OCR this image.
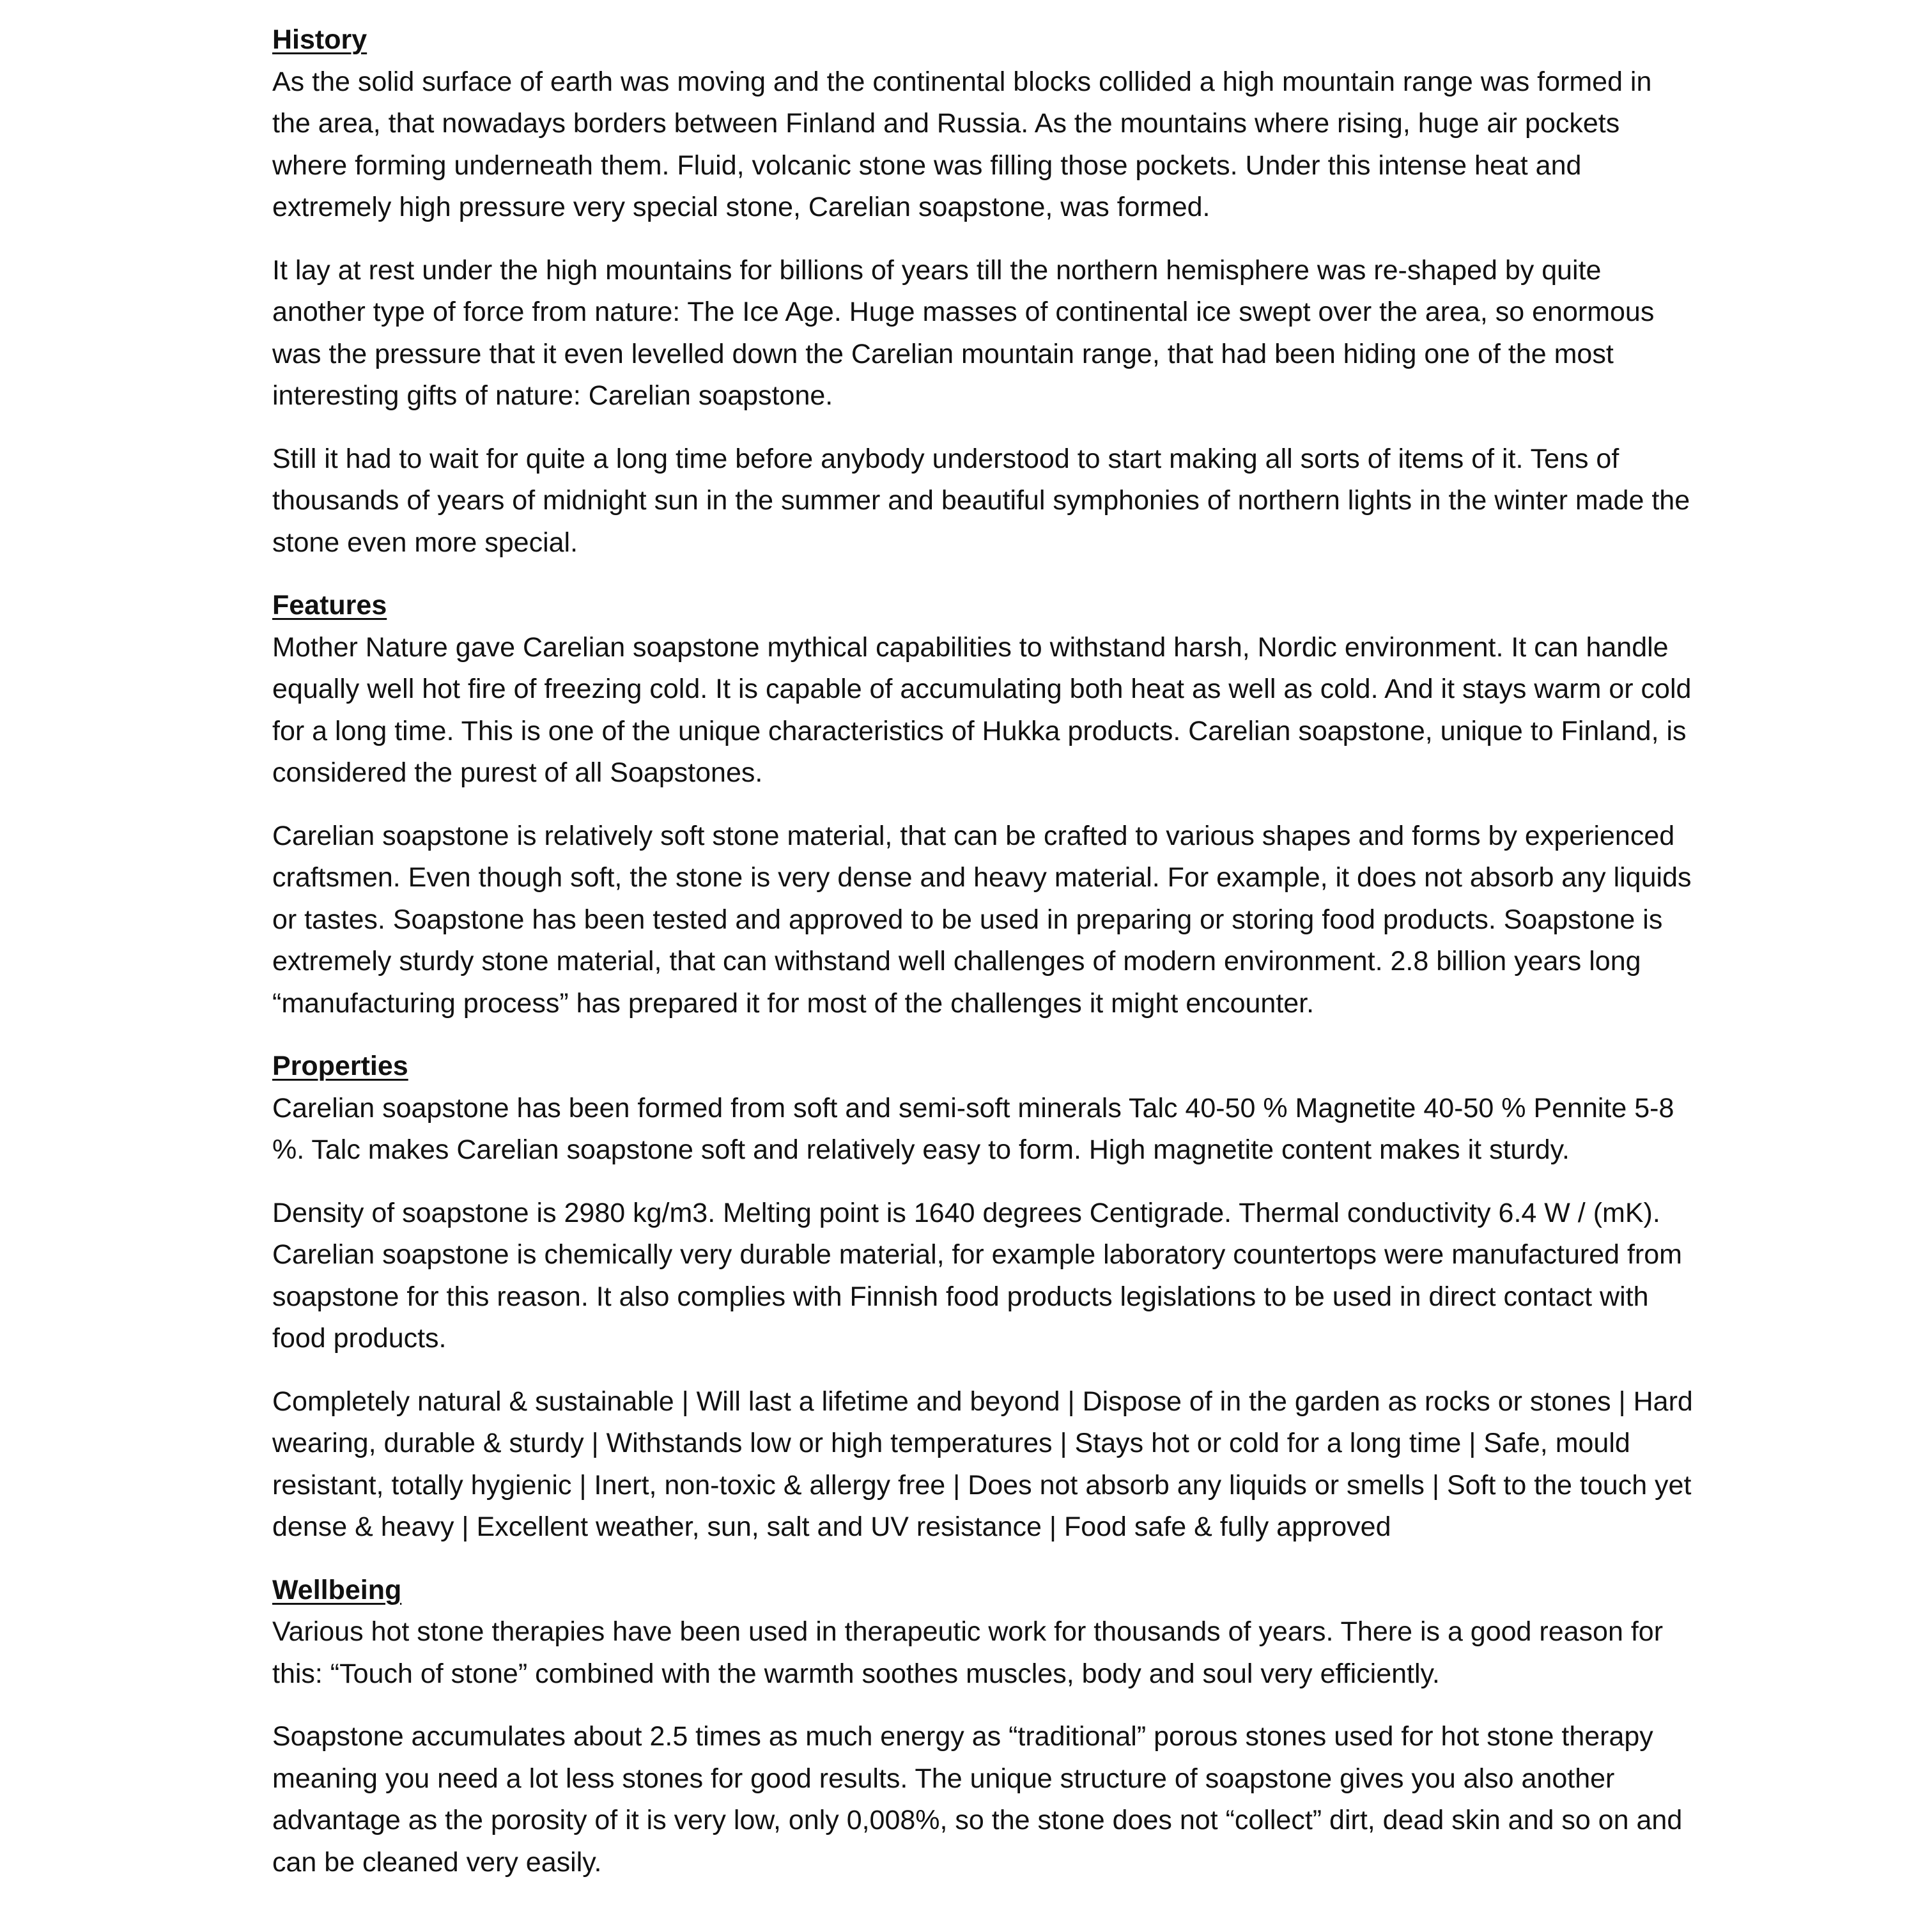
History

As the solid surface of earth was moving and the continental blocks collided a high mountain range was formed in the area, that nowadays borders between Finland and Russia. As the mountains where rising, huge air pockets where forming underneath them. Fluid, volcanic stone was filling those pockets. Under this intense heat and extremely high pressure very special stone, Carelian soapstone, was formed.

It lay at rest under the high mountains for billions of years till the northern hemisphere was re-shaped by quite another type of force from nature: The Ice Age. Huge masses of continental ice swept over the area, so enormous was the pressure that it even levelled down the Carelian mountain range, that had been hiding one of the most interesting gifts of nature: Carelian soapstone.

Still it had to wait for quite a long time before anybody understood to start making all sorts of items of it. Tens of thousands of years of midnight sun in the summer and beautiful symphonies of northern lights in the winter made the stone even more special.

Features

Mother Nature gave Carelian soapstone mythical capabilities to withstand harsh, Nordic environment. It can handle equally well hot fire of freezing cold. It is capable of accumulating both heat as well as cold. And it stays warm or cold for a long time. This is one of the unique characteristics of Hukka products. Carelian soapstone, unique to Finland, is considered the purest of all Soapstones.

Carelian soapstone is relatively soft stone material, that can be crafted to various shapes and forms by experienced craftsmen. Even though soft, the stone is very dense and heavy material. For example, it does not absorb any liquids or tastes. Soapstone has been tested and approved to be used in preparing or storing food products. Soapstone is extremely sturdy stone material, that can withstand well challenges of modern environment. 2.8 billion years long “manufacturing process” has prepared it for most of the challenges it might encounter.

Properties

Carelian soapstone has been formed from soft and semi-soft minerals Talc 40-50 % Magnetite 40-50 % Pennite 5-8 %. Talc makes Carelian soapstone soft and relatively easy to form. High magnetite content makes it sturdy.

Density of soapstone is 2980 kg/m3. Melting point is 1640 degrees Centigrade. Thermal conductivity 6.4 W / (mK). Carelian soapstone is chemically very durable material, for example laboratory countertops were manufactured from soapstone for this reason. It also complies with Finnish food products legislations to be used in direct contact with food products.

Completely natural & sustainable | Will last a lifetime and beyond | Dispose of in the garden as rocks or stones | Hard wearing, durable & sturdy | Withstands low or high temperatures | Stays hot or cold for a long time | Safe, mould resistant, totally hygienic | Inert, non-toxic & allergy free | Does not absorb any liquids or smells | Soft to the touch yet dense & heavy | Excellent weather, sun, salt and UV resistance | Food safe & fully approved

Wellbeing

Various hot stone therapies have been used in therapeutic work for thousands of years. There is a good reason for this: “Touch of stone” combined with the warmth soothes muscles, body and soul very efficiently.

Soapstone accumulates about 2.5 times as much energy as “traditional” porous stones used for hot stone therapy meaning you need a lot less stones for good results. The unique structure of soapstone gives you also another advantage as the porosity of it is very low, only 0,008%, so the stone does not “collect” dirt, dead skin and so on and can be cleaned very easily.
